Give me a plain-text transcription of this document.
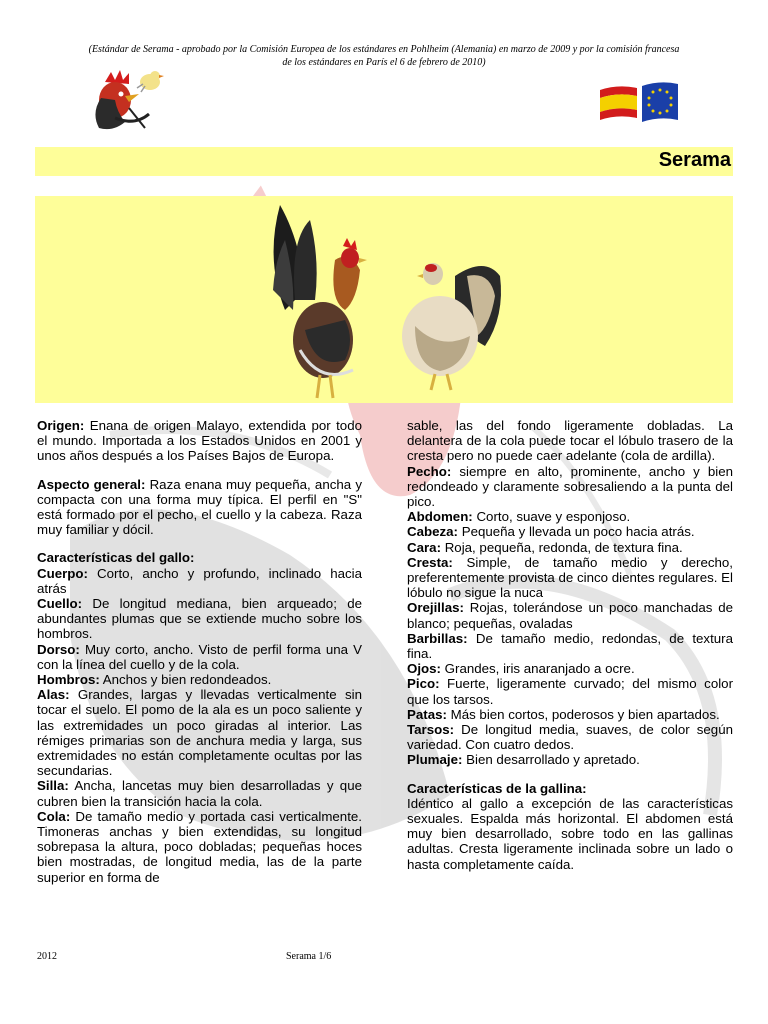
(Estándar de Serama - aprobado por la Comisión Europea de los estándares en Pohlheim (Alemania) en marzo de 2009 y por la comisión francesa
de los estándares en París el 6 de febrero de 2010)
Serama

Origen: Enana de origen Malayo, extendida por todo el mundo. Importada a los Estados Unidos en 2001 y unos años después a los Países Bajos de Europa.

Aspecto general: Raza enana muy pequeña, ancha y compacta con una forma muy típica. El perfil en "S" está formado por el pecho, el cuello y la cabeza. Raza muy familiar y dócil.

Características del gallo:

Cuerpo: Corto, ancho y profundo, inclinado hacia atrás

Cuello: De longitud mediana, bien arqueado; de abundantes plumas que se extiende mucho sobre los hombros.

Dorso: Muy corto, ancho. Visto de perfil forma una V con la línea del cuello y de la cola.

Hombros: Anchos y bien redondeados.

Alas: Grandes, largas y llevadas verticalmente sin tocar el suelo. El pomo de la ala es un poco saliente y las extremidades un poco giradas al interior. Las rémiges primarias son de anchura media y larga, sus extremidades no están completamente ocultas por las secundarias.

Silla: Ancha, lancetas muy bien desarrolladas y que cubren bien la transición hacia la cola.

Cola: De tamaño medio y portada casi verticalmente. Timoneras anchas y bien extendidas, su longitud sobrepasa la altura, poco dobladas; pequeñas hoces bien mostradas, de longitud media, las de la parte superior en forma de

sable, las del fondo ligeramente dobladas. La delantera de la cola puede tocar el lóbulo trasero de la cresta pero no puede caer adelante (cola de ardilla).

Pecho: siempre en alto, prominente, ancho y bien redondeado y claramente sobresaliendo a la punta del pico.

Abdomen: Corto, suave y esponjoso.

Cabeza: Pequeña y llevada un poco hacia atrás.

Cara: Roja, pequeña, redonda, de textura fina.

Cresta: Simple, de tamaño medio y derecho, preferentemente provista de cinco dientes regulares. El lóbulo no sigue la nuca

Orejillas: Rojas, tolerándose un poco manchadas de blanco; pequeñas, ovaladas

Barbillas: De tamaño medio, redondas, de textura fina.

Ojos: Grandes, iris anaranjado a ocre.

Pico: Fuerte, ligeramente curvado; del mismo color que los tarsos.

Patas: Más bien cortos, poderosos y bien apartados.

Tarsos: De longitud media, suaves, de color según variedad. Con cuatro dedos.

Plumaje: Bien desarrollado y apretado.

Características de la gallina:

Idéntico al gallo a excepción de las características sexuales. Espalda más horizontal. El abdomen está muy bien desarrollado, sobre todo en las gallinas adultas. Cresta ligeramente inclinada sobre un lado o hasta completamente caída.

2012	Serama 1/6
